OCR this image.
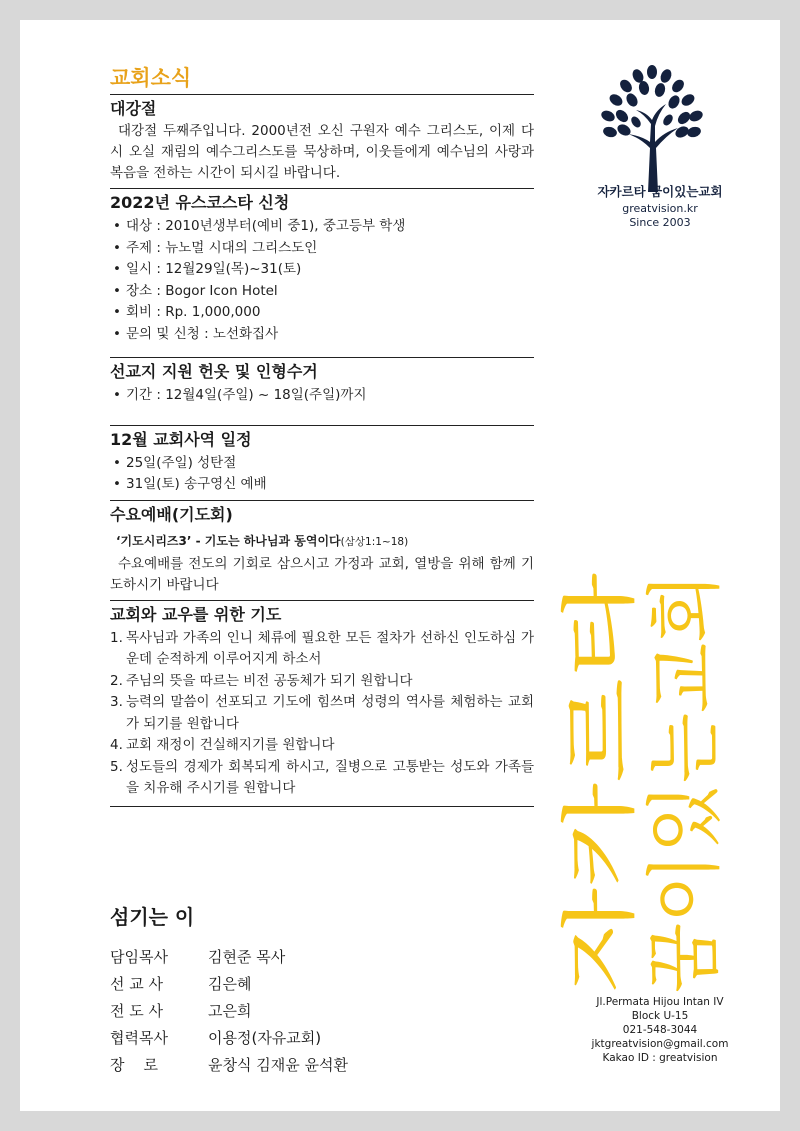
교회소식
대강절

대강절 두째주입니다. 2000년전 오신 구원자 예수 그리스도, 이제 다시 오실 재림의 예수그리스도를 묵상하며, 이웃들에게 예수님의 사랑과 복음을 전하는 시간이 되시길 바랍니다.

2022년 유스코스타 신청
• 대상 : 2010년생부터(예비 중1), 중고등부 학생
• 주제 : 뉴노멀 시대의 그리스도인
• 일시 : 12월29일(목)~31(토)
• 장소 : Bogor Icon Hotel
• 회비 : Rp. 1,000,000
• 문의 및 신청 : 노선화집사
선교지 지원 헌옷 및 인형수거
• 기간 : 12월4일(주일) ~ 18일(주일)까지
12월 교회사역 일정
• 25일(주일) 성탄절
• 31일(토) 송구영신 예배
수요예배(기도회)
‘기도시리즈3’ - 기도는 하나님과 동역이다(삼상1:1~18)

수요예배를 전도의 기회로 삼으시고 가정과 교회, 열방을 위해 함께 기도하시기 바랍니다

교회와 교우를 위한 기도
1. 목사님과 가족의 인니 체류에 필요한 모든 절차가 선하신 인도하심 가운데 순적하게 이루어지게 하소서
2. 주님의 뜻을 따르는 비전 공동체가 되기 원합니다
3. 능력의 말씀이 선포되고 기도에 힘쓰며 성령의 역사를 체험하는 교회가 되기를 원합니다
4. 교회 재정이 건실해지기를 원합니다
5. 성도들의 경제가 회복되게 하시고, 질병으로 고통받는 성도와 가족들을 치유해 주시기를 원합니다
섬기는 이
담임목사	김현준 목사
선 교 사	김은혜
전 도 사	고은희
협력목사	이용정(자유교회)
장    로	윤창식 김재윤 윤석환
자카르타 꿈이있는교회
greatvision.kr
Since 2003
자카르타
꿈이있는교회
Jl.Permata Hijou Intan IV
Block U-15
021-548-3044
jktgreatvision@gmail.com
Kakao ID : greatvision
